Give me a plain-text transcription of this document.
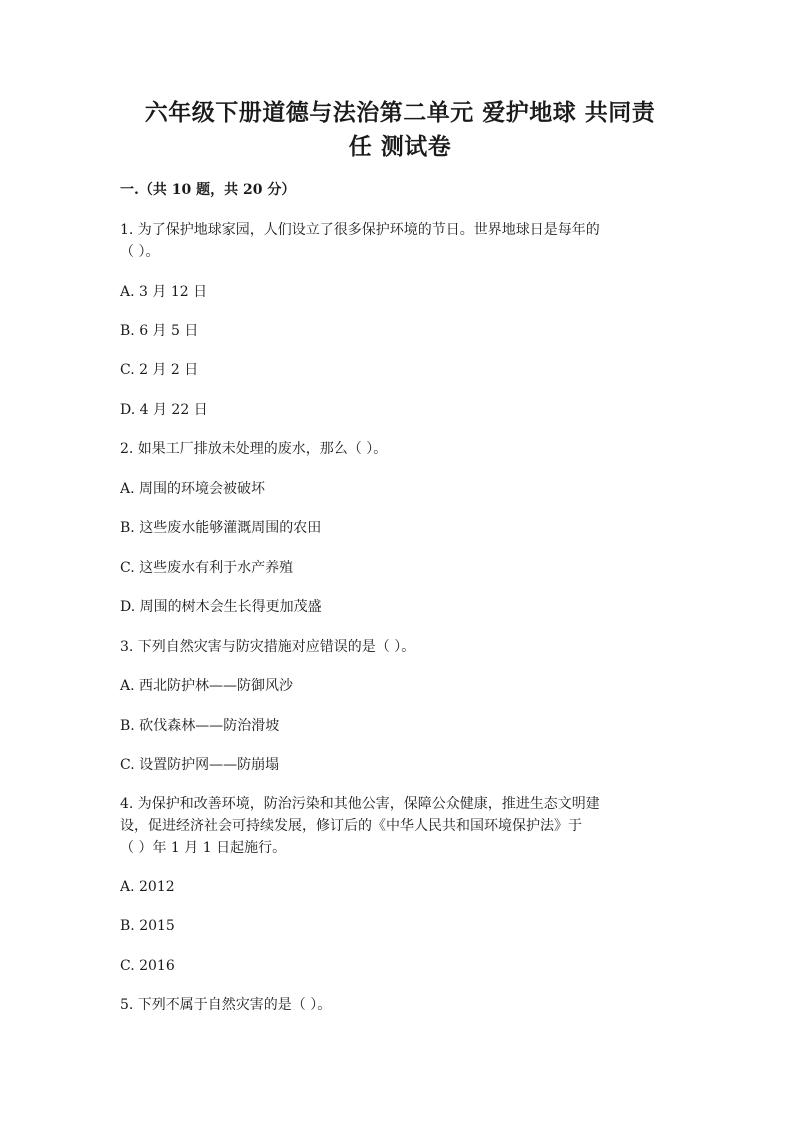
六年级下册道德与法治第二单元 爱护地球 共同责
任 测试卷
一.（共 10 题，共 20 分）
1. 为了保护地球家园，人们设立了很多保护环境的节日。世界地球日是每年的
（ ）。
A. 3 月 12 日
B. 6 月 5 日
C. 2 月 2 日
D. 4 月 22 日
2. 如果工厂排放未处理的废水，那么（ ）。
A. 周围的环境会被破坏
B. 这些废水能够灌溉周围的农田
C. 这些废水有利于水产养殖
D. 周围的树木会生长得更加茂盛
3. 下列自然灾害与防灾措施对应错误的是（ ）。
A. 西北防护林——防御风沙
B. 砍伐森林——防治滑坡
C. 设置防护网——防崩塌
4. 为保护和改善环境，防治污染和其他公害，保障公众健康，推进生态文明建
设，促进经济社会可持续发展，修订后的《中华人民共和国环境保护法》于
（ ）年 1 月 1 日起施行。
A. 2012
B. 2015
C. 2016
5. 下列不属于自然灾害的是（ ）。
